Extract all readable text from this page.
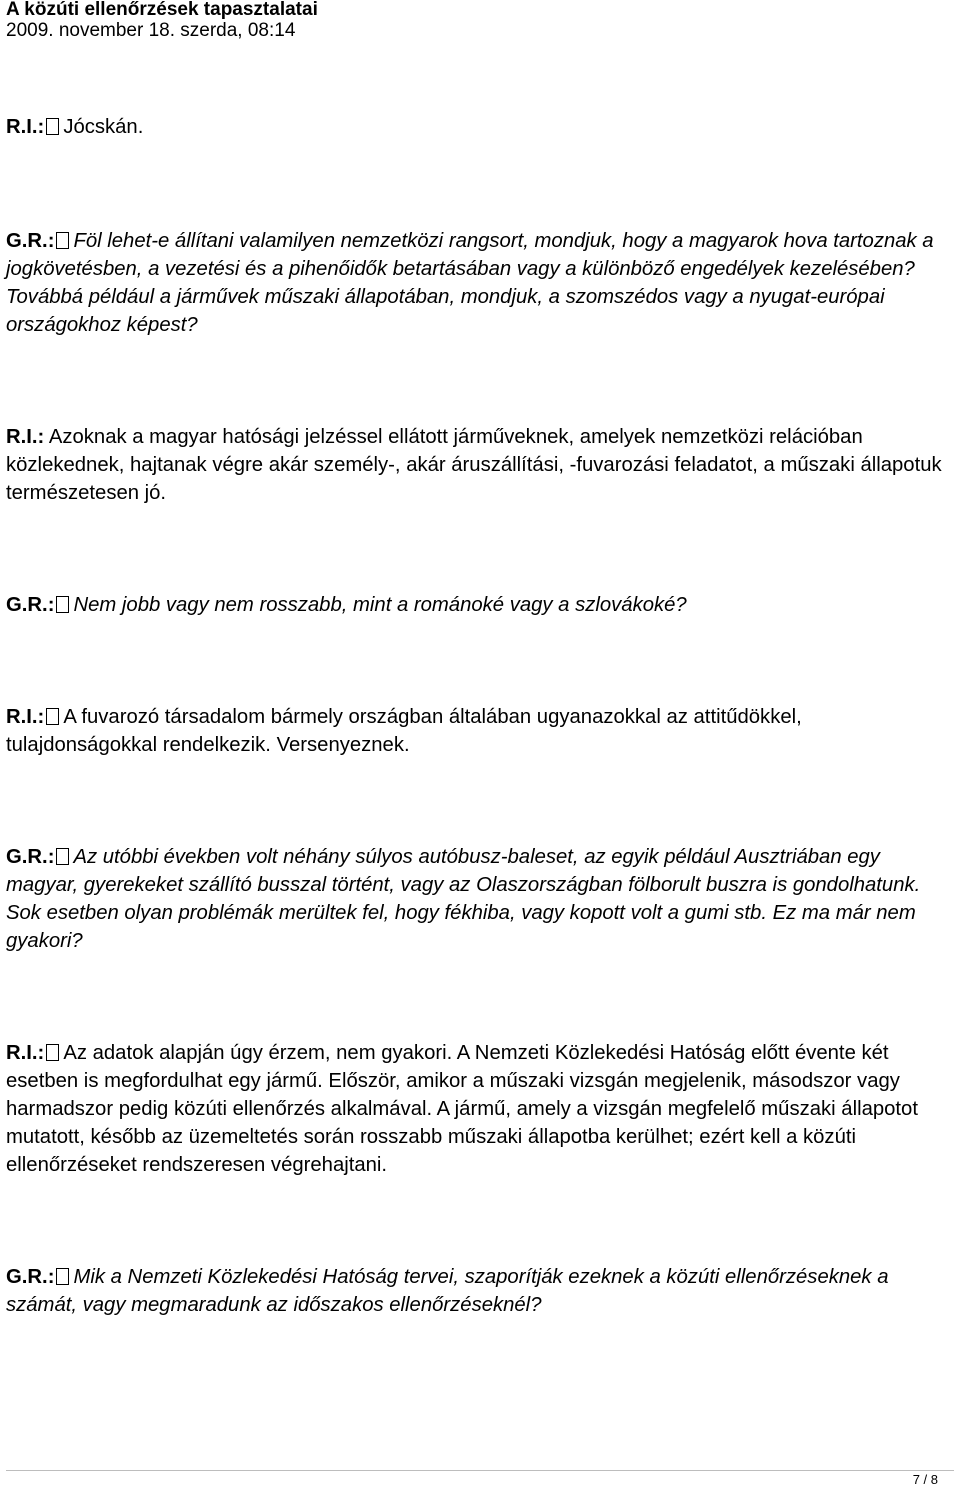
A közúti ellenőrzések tapasztalatai
2009. november 18. szerda, 08:14
R.I.: Jócskán.
G.R.: Föl lehet-e állítani valamilyen nemzetközi rangsort, mondjuk, hogy a magyarok hova tartoznak a jogkövetésben, a vezetési és a pihenőidők betartásában vagy a különböző engedélyek kezelésében? Továbbá például a járművek műszaki állapotában, mondjuk, a szomszédos vagy a nyugat-európai országokhoz képest?
R.I.: Azoknak a magyar hatósági jelzéssel ellátott járműveknek, amelyek nemzetközi relációban közlekednek, hajtanak végre akár személy-, akár áruszállítási, -fuvarozási feladatot, a műszaki állapotuk természetesen jó.
G.R.: Nem jobb vagy nem rosszabb, mint a románoké vagy a szlovákoké?
R.I.: A fuvarozó társadalom bármely országban általában ugyanazokkal az attitűdökkel, tulajdonságokkal rendelkezik. Versenyeznek.
G.R.: Az utóbbi években volt néhány súlyos autóbusz-baleset, az egyik például Ausztriában egy magyar, gyerekeket szállító busszal történt, vagy az Olaszországban fölborult buszra is gondolhatunk. Sok esetben olyan problémák merültek fel, hogy fékhiba, vagy kopott volt a gumi stb. Ez ma már nem gyakori?
R.I.: Az adatok alapján úgy érzem, nem gyakori. A Nemzeti Közlekedési Hatóság előtt évente két esetben is megfordulhat egy jármű. Először, amikor a műszaki vizsgán megjelenik, másodszor vagy harmadszor pedig közúti ellenőrzés alkalmával. A jármű, amely a vizsgán megfelelő műszaki állapotot mutatott, később az üzemeltetés során rosszabb műszaki állapotba kerülhet; ezért kell a közúti ellenőrzéseket rendszeresen végrehajtani.
G.R.: Mik a Nemzeti Közlekedési Hatóság tervei, szaporítják ezeknek a közúti ellenőrzéseknek a számát, vagy megmaradunk az időszakos ellenőrzéseknél?
7 / 8
